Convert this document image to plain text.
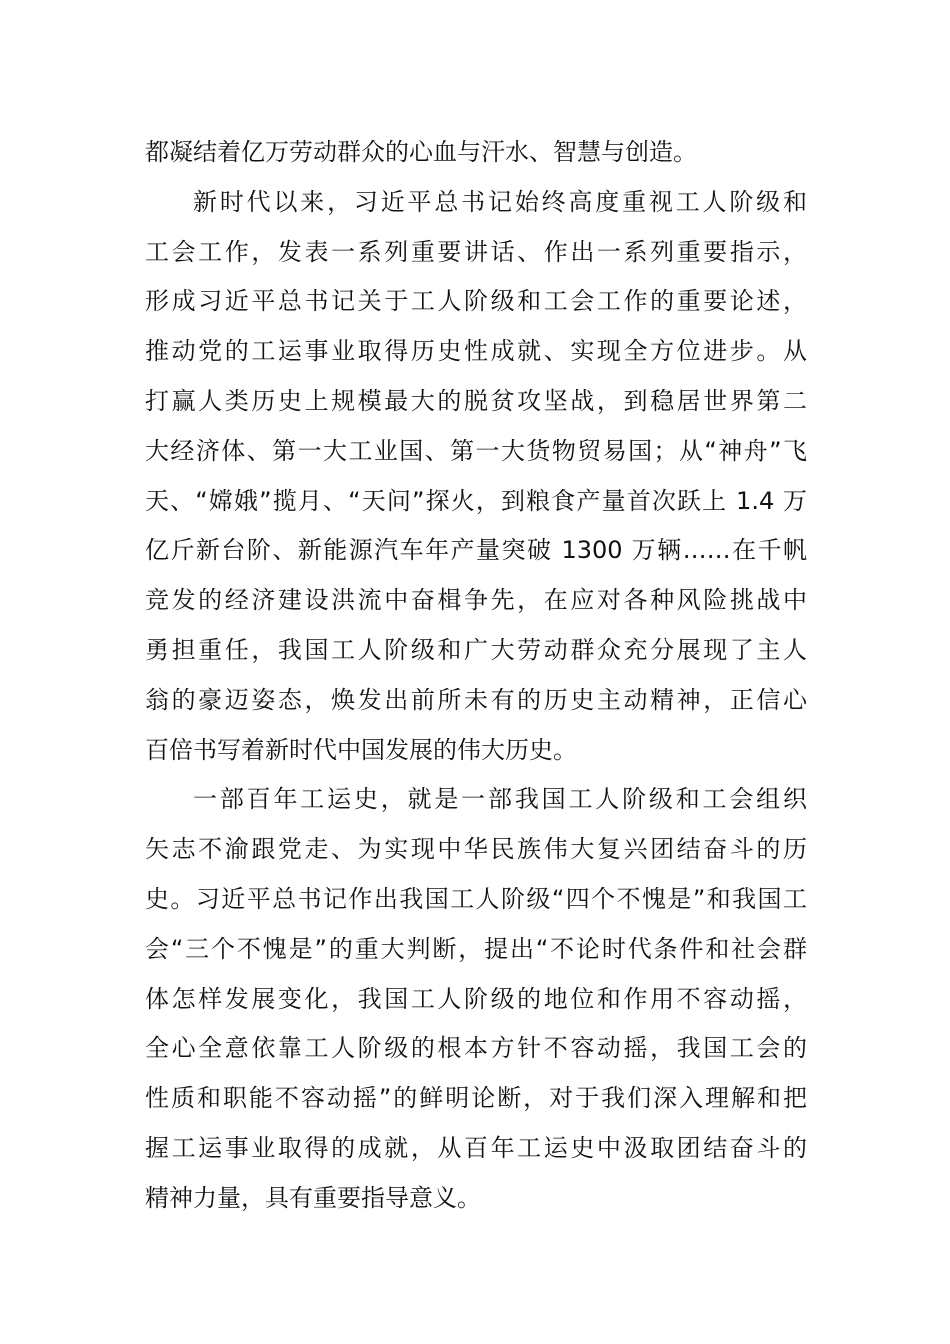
都凝结着亿万劳动群众的心血与汗水、智慧与创造。
新时代以来，习近平总书记始终高度重视工人阶级和
工会工作，发表一系列重要讲话、作出一系列重要指示，
形成习近平总书记关于工人阶级和工会工作的重要论述，
推动党的工运事业取得历史性成就、实现全方位进步。从
打赢人类历史上规模最大的脱贫攻坚战，到稳居世界第二
大经济体、第一大工业国、第一大货物贸易国；从“神舟”飞
天、“嫦娥”揽月、“天问”探火，到粮食产量首次跃上 1.4 万
亿斤新台阶、新能源汽车年产量突破 1300 万辆……在千帆
竞发的经济建设洪流中奋楫争先，在应对各种风险挑战中
勇担重任，我国工人阶级和广大劳动群众充分展现了主人
翁的豪迈姿态，焕发出前所未有的历史主动精神，正信心
百倍书写着新时代中国发展的伟大历史。
一部百年工运史，就是一部我国工人阶级和工会组织
矢志不渝跟党走、为实现中华民族伟大复兴团结奋斗的历
史。习近平总书记作出我国工人阶级“四个不愧是”和我国工
会“三个不愧是”的重大判断，提出“不论时代条件和社会群
体怎样发展变化，我国工人阶级的地位和作用不容动摇，
全心全意依靠工人阶级的根本方针不容动摇，我国工会的
性质和职能不容动摇”的鲜明论断，对于我们深入理解和把
握工运事业取得的成就，从百年工运史中汲取团结奋斗的
精神力量，具有重要指导意义。
